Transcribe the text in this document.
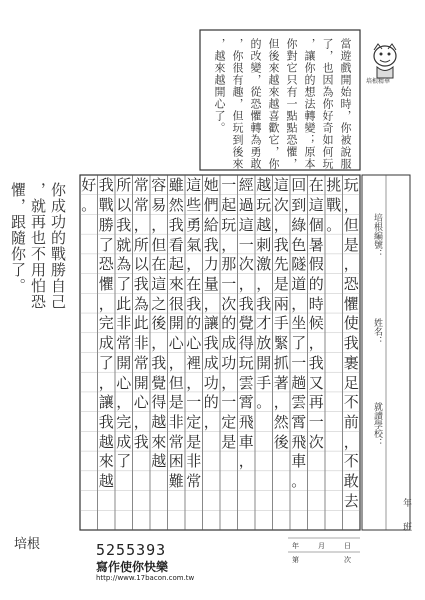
培根精華
當遊戲開始時，你被說服
了，也因為你好奇如何玩
，讓你的想法轉變；原本
你對它只有一點點恐懼，
但後來越來越喜歡它，你
的改變，從恐懼轉為勇敢
，你很有趣，但玩到後來
，越來越開心了。
你成功的戰勝自己
，就再也不用怕恐
懼，跟隨你了。	玩
，
但
是
，
恐
懼
使
我
裹
足
不
前
，
不
敢
去
挑
戰
。
在
這
個
暑
假
的
時
候
，
我
又
再
一
次
回
到
綠
色
隧
道
，
坐
了
一
趟
雲
霄
飛
車
。
這
次
，
我
先
是
兩
手
緊
抓
著
，
然
後
越
玩
越
刺
激
，
我
才
放
開
手
。
經
過
這
一
次
，
我
覺
得
玩
雲
霄
飛
車
，
一
起
玩
，
那
一
次
的
成
功
，
一
定
是
她
們
給
我
力
量
，
讓
我
成
功
的
，
這
些
勇
氣
，
在
我
的
心
裡
，
一
定
是
非
常
雖
然
我
看
起
來
很
開
心
，
但
是
非
常
困
難
容
易
，
但
在
這
之
後
，
我
覺
得
越
來
越
常
常
，
所
以
我
為
此
非
常
開
心
，
我
所
以
我
就
為
了
此
非
常
開
心
，
完
成
了
我
戰
勝
了
恐
懼
，
完
成
了
，
讓
我
越
來
越
好
。
培根編號：
姓名：
就讀學校：
年
班
年	月	日
第	次
培根	5255393
寫作使你快樂
http://www.17bacon.com.tw
